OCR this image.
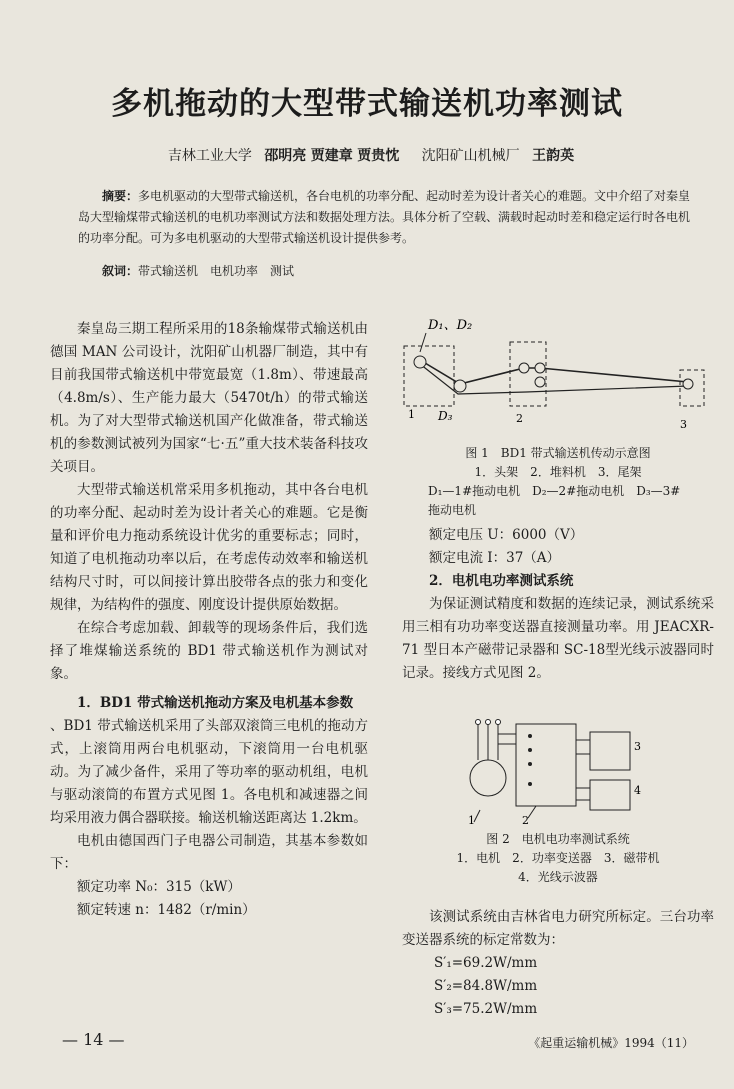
多机拖动的大型带式输送机功率测试
吉林工业大学 邵明亮 贾建章 贾贵忱 沈阳矿山机械厂 王韵英
摘要：多电机驱动的大型带式输送机，各台电机的功率分配、起动时差为设计者关心的难题。文中介绍了对秦皇岛大型输煤带式输送机的电机功率测试方法和数据处理方法。具体分析了空载、满载时起动时差和稳定运行时各电机的功率分配。可为多电机驱动的大型带式输送机设计提供参考。
叙词：带式输送机　电机功率　测试

秦皇岛三期工程所采用的18条输煤带式输送机由德国 MAN 公司设计，沈阳矿山机器厂制造，其中有目前我国带式输送机中带宽最宽（1.8m）、带速最高（4.8m/s）、生产能力最大（5470t/h）的带式输送机。为了对大型带式输送机国产化做准备，带式输送机的参数测试被列为国家“七·五”重大技术装备科技攻关项目。

大型带式输送机常采用多机拖动，其中各台电机的功率分配、起动时差为设计者关心的难题。它是衡量和评价电力拖动系统设计优劣的重要标志；同时，知道了电机拖动功率以后，在考虑传动效率和输送机结构尺寸时，可以间接计算出胶带各点的张力和变化规律，为结构件的强度、刚度设计提供原始数据。

在综合考虑加载、卸载等的现场条件后，我们选择了堆煤输送系统的 BD1 带式输送机作为测试对象。

1．BD1 带式输送机拖动方案及电机基本参数

、BD1 带式输送机采用了头部双滚筒三电机的拖动方式，上滚筒用两台电机驱动，下滚筒用一台电机驱动。为了减少备件，采用了等功率的驱动机组，电机与驱动滚筒的布置方式见图 1。各电机和减速器之间均采用液力偶合器联接。输送机输送距离达 1.2km。

电机由德国西门子电器公司制造，其基本参数如下：

额定功率 N₀：315（kW）

额定转速 n：1482（r/min）

D₁、D₂
D₃
1	2	3
图 1　BD1 带式输送机传动示意图
1．头架　2．堆料机　3．尾架
D₁—1#拖动电机　D₂—2#拖动电机　D₃—3#
拖动电机

额定电压 U：6000（V）

额定电流 I：37（A）

2．电机电功率测试系统

为保证测试精度和数据的连续记录，测试系统采用三相有功功率变送器直接测量功率。用 JEACXR-71 型日本产磁带记录器和 SC-18型光线示波器同时记录。接线方式见图 2。

1	2
3
4
图 2　电机电功率测试系统
1．电机　2．功率变送器　3．磁带机
4．光线示波器

该测试系统由吉林省电力研究所标定。三台功率变送器系统的标定常数为：

S′₁=69.2W/mm

S′₂=84.8W/mm

S′₃=75.2W/mm

— 14 —	《起重运输机械》1994（11）
